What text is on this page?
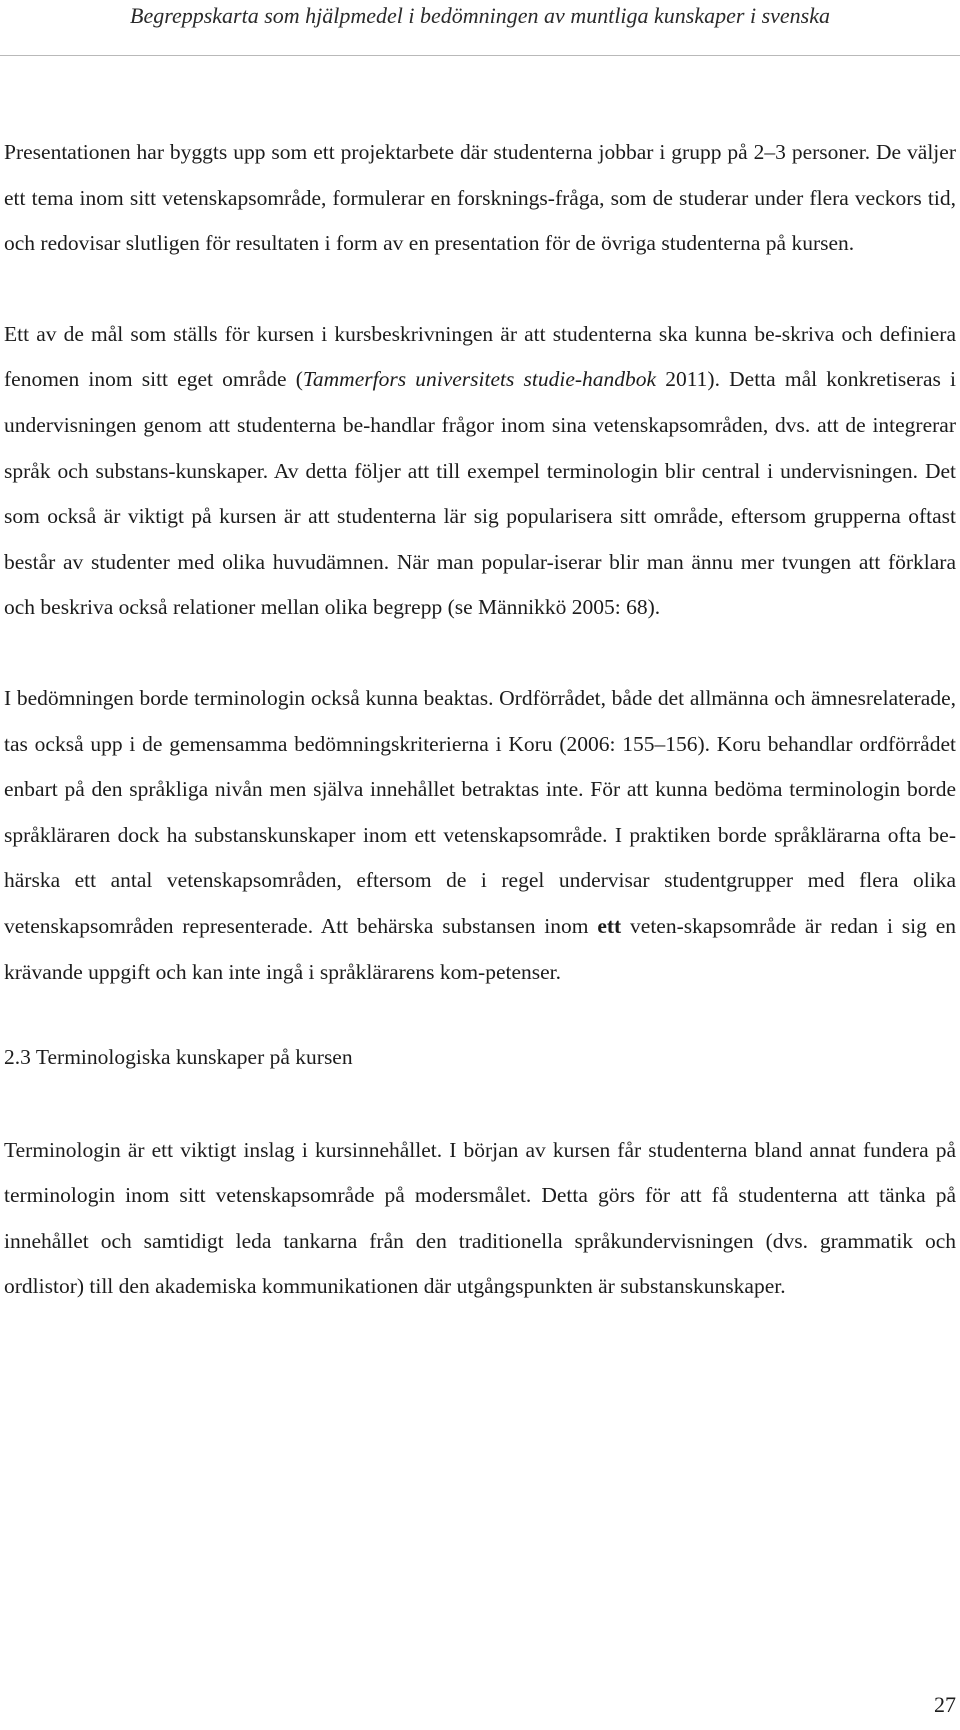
Begreppskarta som hjälpmedel i bedömningen av muntliga kunskaper i svenska

Presentationen har byggts upp som ett projektarbete där studenterna jobbar i grupp på 2–3 personer. De väljer ett tema inom sitt vetenskapsområde, formulerar en forsknings-fråga, som de studerar under flera veckors tid, och redovisar slutligen för resultaten i form av en presentation för de övriga studenterna på kursen.

Ett av de mål som ställs för kursen i kursbeskrivningen är att studenterna ska kunna be-skriva och definiera fenomen inom sitt eget område (Tammerfors universitets studie-handbok 2011). Detta mål konkretiseras i undervisningen genom att studenterna be-handlar frågor inom sina vetenskapsområden, dvs. att de integrerar språk och substans-kunskaper. Av detta följer att till exempel terminologin blir central i undervisningen. Det som också är viktigt på kursen är att studenterna lär sig popularisera sitt område, eftersom grupperna oftast består av studenter med olika huvudämnen. När man popular-iserar blir man ännu mer tvungen att förklara och beskriva också relationer mellan olika begrepp (se Männikkö 2005: 68).

I bedömningen borde terminologin också kunna beaktas. Ordförrådet, både det allmänna och ämnesrelaterade, tas också upp i de gemensamma bedömningskriterierna i Koru (2006: 155–156). Koru behandlar ordförrådet enbart på den språkliga nivån men själva innehållet betraktas inte. För att kunna bedöma terminologin borde språkläraren dock ha substanskunskaper inom ett vetenskapsområde. I praktiken borde språklärarna ofta be-härska ett antal vetenskapsområden, eftersom de i regel undervisar studentgrupper med flera olika vetenskapsområden representerade. Att behärska substansen inom ett veten-skapsområde är redan i sig en krävande uppgift och kan inte ingå i språklärarens kom-petenser.

2.3 Terminologiska kunskaper på kursen

Terminologin är ett viktigt inslag i kursinnehållet. I början av kursen får studenterna bland annat fundera på terminologin inom sitt vetenskapsområde på modersmålet. Detta görs för att få studenterna att tänka på innehållet och samtidigt leda tankarna från den traditionella språkundervisningen (dvs. grammatik och ordlistor) till den akademiska kommunikationen där utgångspunkten är substanskunskaper.

27
